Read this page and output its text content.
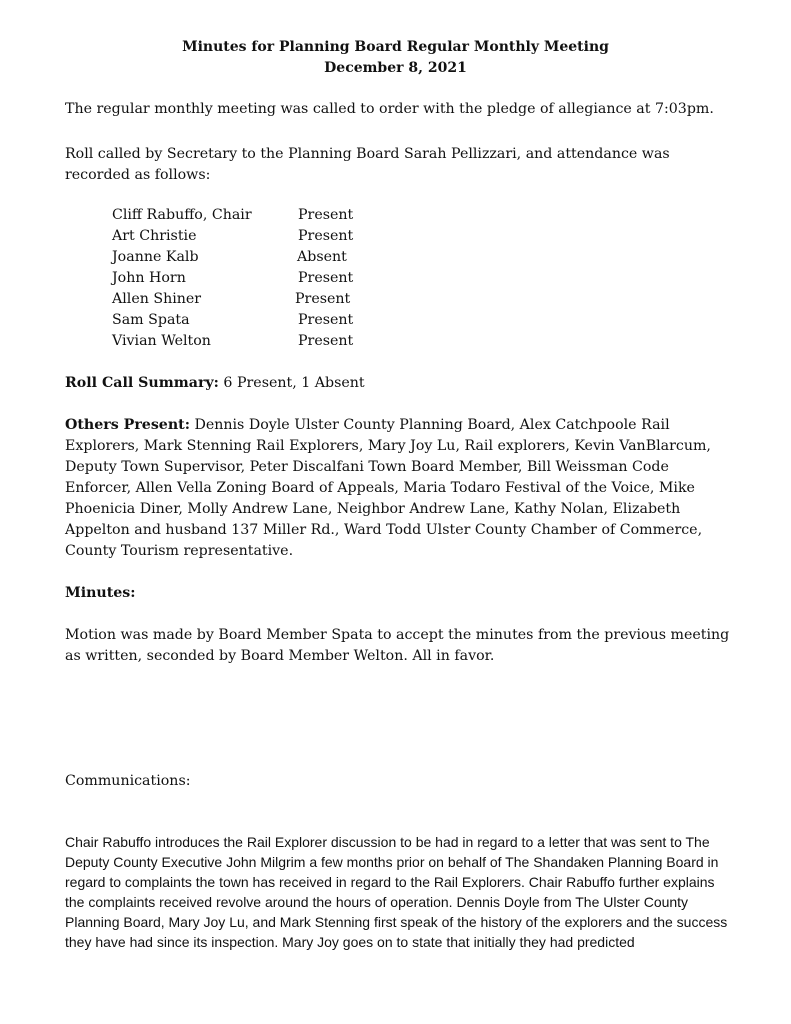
Minutes for Planning Board Regular Monthly Meeting
December 8, 2021

The regular monthly meeting was called to order with the pledge of allegiance at 7:03pm.

Roll called by Secretary to the Planning Board Sarah Pellizzari, and attendance was recorded as follows:

Cliff Rabuffo, Chair	Present
Art Christie	Present
Joanne Kalb	Absent
John Horn	Present
Allen Shiner	Present
Sam Spata	Present
Vivian Welton	Present

Roll Call Summary: 6 Present, 1 Absent

Others Present: Dennis Doyle Ulster County Planning Board, Alex Catchpoole Rail Explorers, Mark Stenning Rail Explorers, Mary Joy Lu, Rail explorers, Kevin VanBlarcum, Deputy Town Supervisor, Peter Discalfani Town Board Member, Bill Weissman Code Enforcer, Allen Vella Zoning Board of Appeals, Maria Todaro Festival of the Voice, Mike Phoenicia Diner, Molly Andrew Lane, Neighbor Andrew Lane, Kathy Nolan, Elizabeth Appelton and husband 137 Miller Rd., Ward Todd Ulster County Chamber of Commerce, County Tourism representative.

Minutes:

Motion was made by Board Member Spata to accept the minutes from the previous meeting as written, seconded by Board Member Welton. All in favor.

Communications:

Chair Rabuffo introduces the Rail Explorer discussion to be had in regard to a letter that was sent to The Deputy County Executive John Milgrim a few months prior on behalf of The Shandaken Planning Board in regard to complaints the town has received in regard to the Rail Explorers. Chair Rabuffo further explains the complaints received revolve around the hours of operation. Dennis Doyle from The Ulster County Planning Board, Mary Joy Lu, and Mark Stenning first speak of the history of the explorers and the success they have had since its inspection. Mary Joy goes on to state that initially they had predicted
